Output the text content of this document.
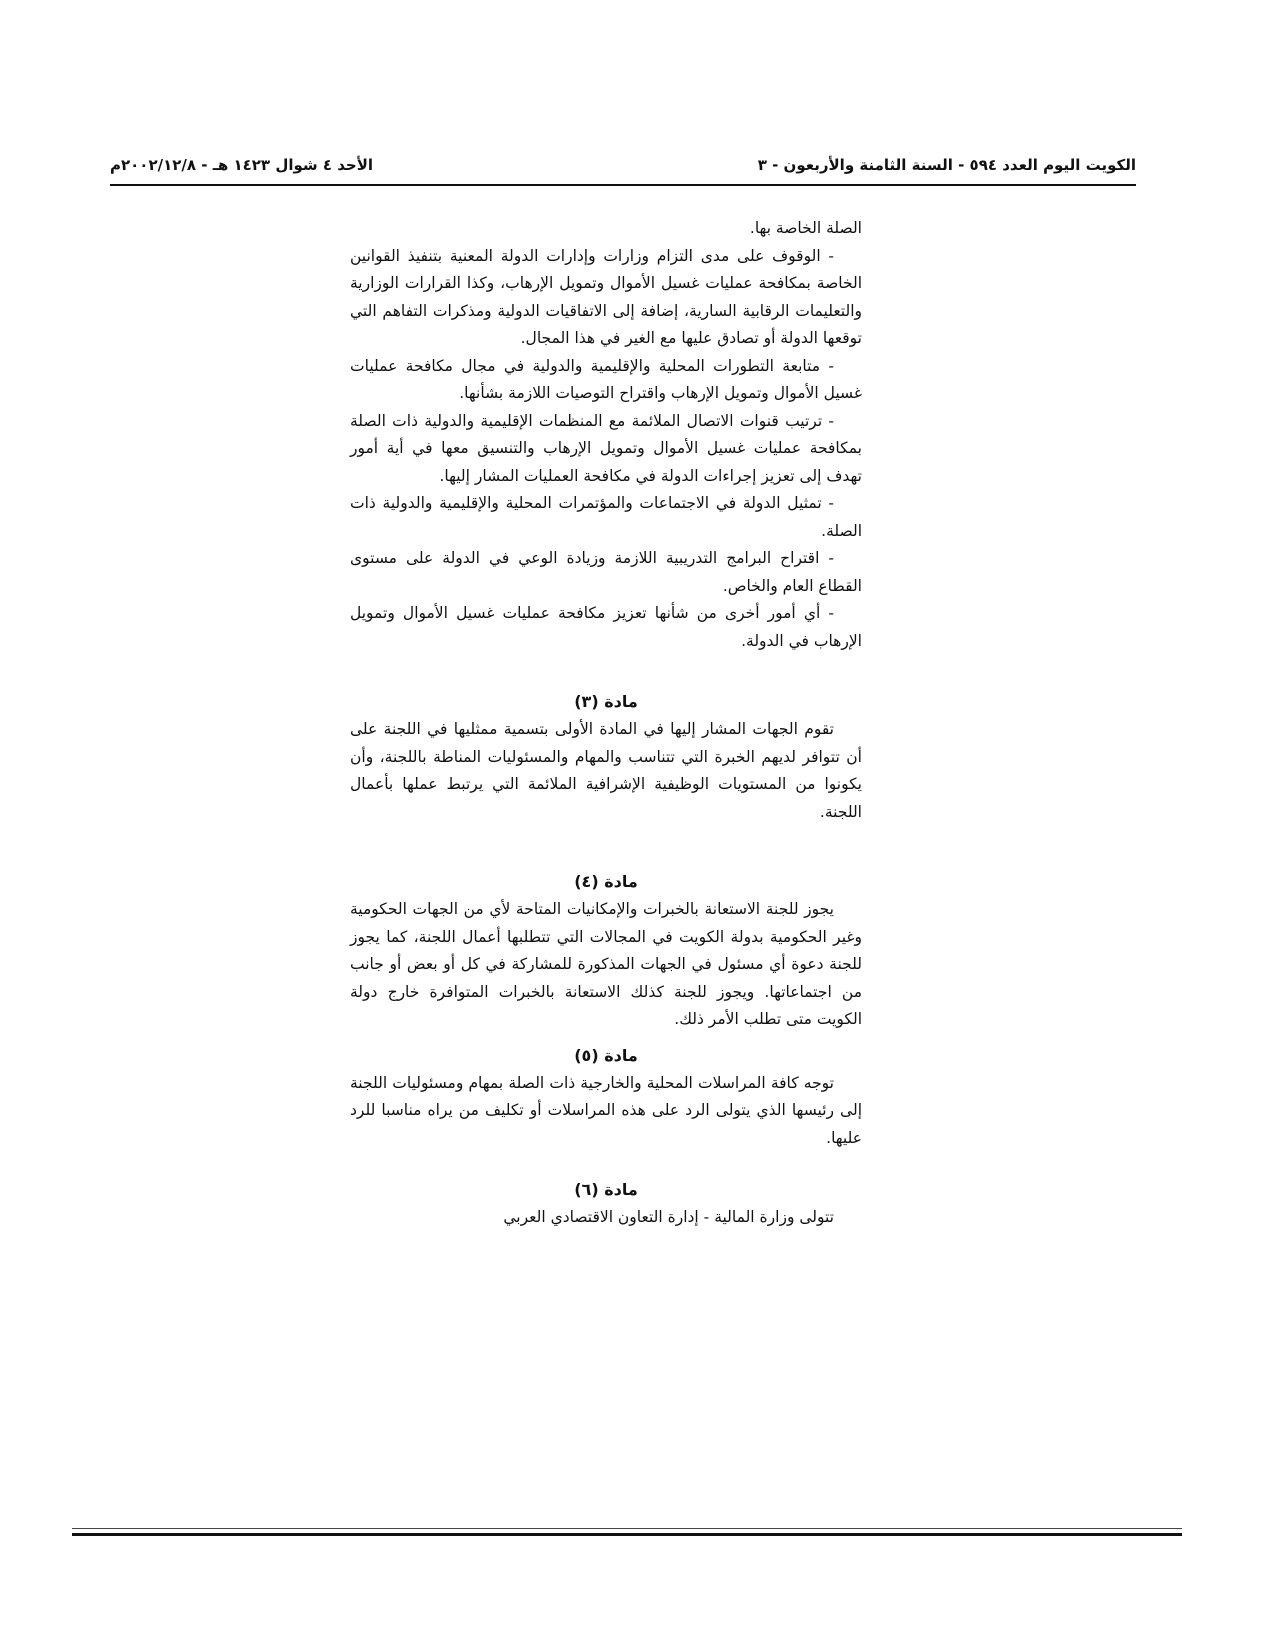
الكويت اليوم العدد ٥٩٤ - السنة الثامنة والأربعون - ٣
الأحد ٤ شوال ١٤٢٣ هـ - ٢٠٠٢/١٢/٨م

الصلة الخاصة بها.

- الوقوف على مدى التزام وزارات وإدارات الدولة المعنية بتنفيذ القوانين الخاصة بمكافحة عمليات غسيل الأموال وتمويل الإرهاب، وكذا القرارات الوزارية والتعليمات الرقابية السارية، إضافة إلى الاتفاقيات الدولية ومذكرات التفاهم التي توقعها الدولة أو تصادق عليها مع الغير في هذا المجال.

- متابعة التطورات المحلية والإقليمية والدولية في مجال مكافحة عمليات غسيل الأموال وتمويل الإرهاب واقتراح التوصيات اللازمة بشأنها.

- ترتيب قنوات الاتصال الملائمة مع المنظمات الإقليمية والدولية ذات الصلة بمكافحة عمليات غسيل الأموال وتمويل الإرهاب والتنسيق معها في أية أمور تهدف إلى تعزيز إجراءات الدولة في مكافحة العمليات المشار إليها.

- تمثيل الدولة في الاجتماعات والمؤتمرات المحلية والإقليمية والدولية ذات الصلة.

- اقتراح البرامج التدريبية اللازمة وزيادة الوعي في الدولة على مستوى القطاع العام والخاص.

- أي أمور أخرى من شأنها تعزيز مكافحة عمليات غسيل الأموال وتمويل الإرهاب في الدولة.

مادة (٣)

تقوم الجهات المشار إليها في المادة الأولى بتسمية ممثليها في اللجنة على أن تتوافر لديهم الخبرة التي تتناسب والمهام والمسئوليات المناطة باللجنة، وأن يكونوا من المستويات الوظيفية الإشرافية الملائمة التي يرتبط عملها بأعمال اللجنة.

مادة (٤)

يجوز للجنة الاستعانة بالخبرات والإمكانيات المتاحة لأي من الجهات الحكومية وغير الحكومية بدولة الكويت في المجالات التي تتطلبها أعمال اللجنة، كما يجوز للجنة دعوة أي مسئول في الجهات المذكورة للمشاركة في كل أو بعض أو جانب من اجتماعاتها. ويجوز للجنة كذلك الاستعانة بالخبرات المتوافرة خارج دولة الكويت متى تطلب الأمر ذلك.

مادة (٥)

توجه كافة المراسلات المحلية والخارجية ذات الصلة بمهام ومسئوليات اللجنة إلى رئيسها الذي يتولى الرد على هذه المراسلات أو تكليف من يراه مناسبا للرد عليها.

مادة (٦)

تتولى وزارة المالية - إدارة التعاون الاقتصادي العربي
